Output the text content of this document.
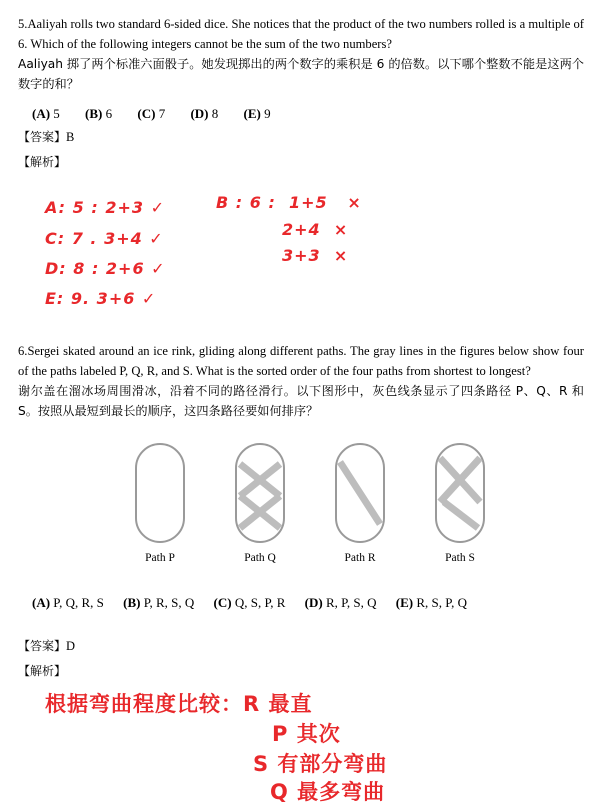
5.Aaliyah rolls two standard 6-sided dice. She notices that the product of the two numbers rolled is a multiple of 6. Which of the following integers cannot be the sum of the two numbers?
Aaliyah 掷了两个标准六面骰子。她发现掷出的两个数字的乘积是 6 的倍数。以下哪个整数不能是这两个数字的和？
(A) 5 (B) 6 (C) 7 (D) 8 (E) 9
【答案】B
【解析】
A: 5 : 2+3 ✓
C: 7 . 3+4 ✓
D: 8 : 2+6 ✓
E: 9. 3+6 ✓
B : 6 :  1+5   ×
2+4  ×
3+3  ×
6.Sergei skated around an ice rink, gliding along different paths. The gray lines in the figures below show four of the paths labeled P, Q, R, and S. What is the sorted order of the four paths from shortest to longest?
谢尔盖在溜冰场周围滑冰，沿着不同的路径滑行。以下图形中，灰色线条显示了四条路径 P、Q、R 和 S。按照从最短到最长的顺序，这四条路径要如何排序？
Path P	Path Q	Path R	Path S
(A) P, Q, R, S (B) P, R, S, Q (C) Q, S, P, R (D) R, P, S, Q (E) R, S, P, Q
【答案】D
【解析】
根据弯曲程度比较：R 最直
P 其次
S 有部分弯曲
Q 最多弯曲
